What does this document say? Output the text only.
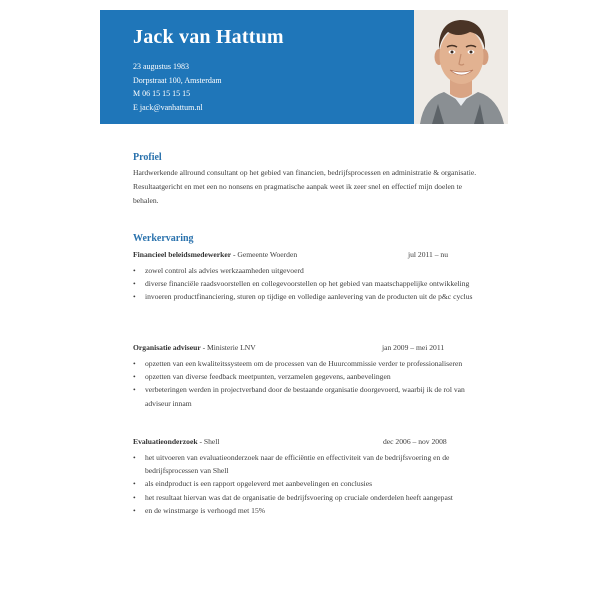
Jack van Hattum
23 augustus 1983
Dorpstraat 100, Amsterdam
M 06 15 15 15 15
E jack@vanhattum.nl
Profiel
Hardwerkende allround consultant op het gebied van financien, bedrijfsprocessen en administratie & organisatie. Resultaatgericht en met een no nonsens en pragmatische aanpak weet ik zeer snel en effectief mijn doelen te behalen.
Werkervaring
Financieel beleidsmedewerker - Gemeente Woerden	jul 2011 – nu
• zowel control als advies werkzaamheden uitgevoerd
• diverse financiële raadsvoorstellen en collegevoorstellen op het gebied van maatschappelijke ontwikkeling
• invoeren productfinanciering, sturen op tijdige en volledige aanlevering van de producten uit de p&c cyclus
Organisatie adviseur - Ministerie LNV	jan 2009 – mei 2011
• opzetten van een kwaliteitssysteem om de processen van de Huurcommissie verder te professionaliseren
• opzetten van diverse feedback meetpunten, verzamelen gegevens, aanbevelingen
• verbeteringen werden in projectverband door de bestaande organisatie doorgevoerd, waarbij ik de rol van adviseur innam
Evaluatieonderzoek - Shell	dec 2006 – nov 2008
• het uitvoeren van evaluatieonderzoek naar de efficiëntie en effectiviteit van de bedrijfsvoering en de bedrijfsprocessen van Shell
• als eindproduct is een rapport opgeleverd met aanbevelingen en conclusies
• het resultaat hiervan was dat de organisatie de bedrijfsvoering op cruciale onderdelen heeft aangepast
• en de winstmarge is verhoogd met 15%
